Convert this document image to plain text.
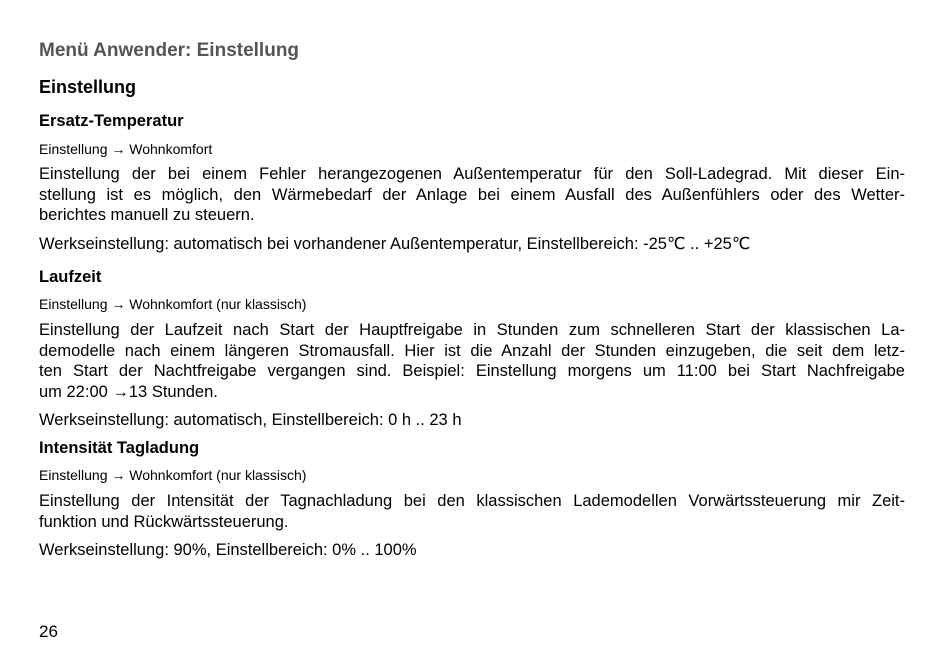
Menü Anwender: Einstellung
Einstellung
Ersatz-Temperatur
Einstellung → Wohnkomfort
Einstellung der bei einem Fehler herangezogenen Außentemperatur für den Soll-Ladegrad. Mit dieser Ein-
stellung ist es möglich, den Wärmebedarf der Anlage bei einem Ausfall des Außenfühlers oder des Wetter-
berichtes manuell zu steuern.
Werkseinstellung: automatisch bei vorhandener Außentemperatur, Einstellbereich: -25℃ .. +25℃
Laufzeit
Einstellung → Wohnkomfort (nur klassisch)
Einstellung der Laufzeit nach Start der Hauptfreigabe in Stunden zum schnelleren Start der klassischen La-
demodelle nach einem längeren Stromausfall. Hier ist die Anzahl der Stunden einzugeben, die seit dem letz-
ten Start der Nachtfreigabe vergangen sind. Beispiel: Einstellung morgens um 11:00 bei Start Nachfreigabe
um 22:00 →13 Stunden.
Werkseinstellung: automatisch, Einstellbereich: 0 h .. 23 h
Intensität Tagladung
Einstellung → Wohnkomfort (nur klassisch)
Einstellung der Intensität der Tagnachladung bei den klassischen Lademodellen Vorwärtssteuerung mir Zeit-
funktion und Rückwärtssteuerung.
Werkseinstellung: 90%, Einstellbereich: 0% .. 100%
26
